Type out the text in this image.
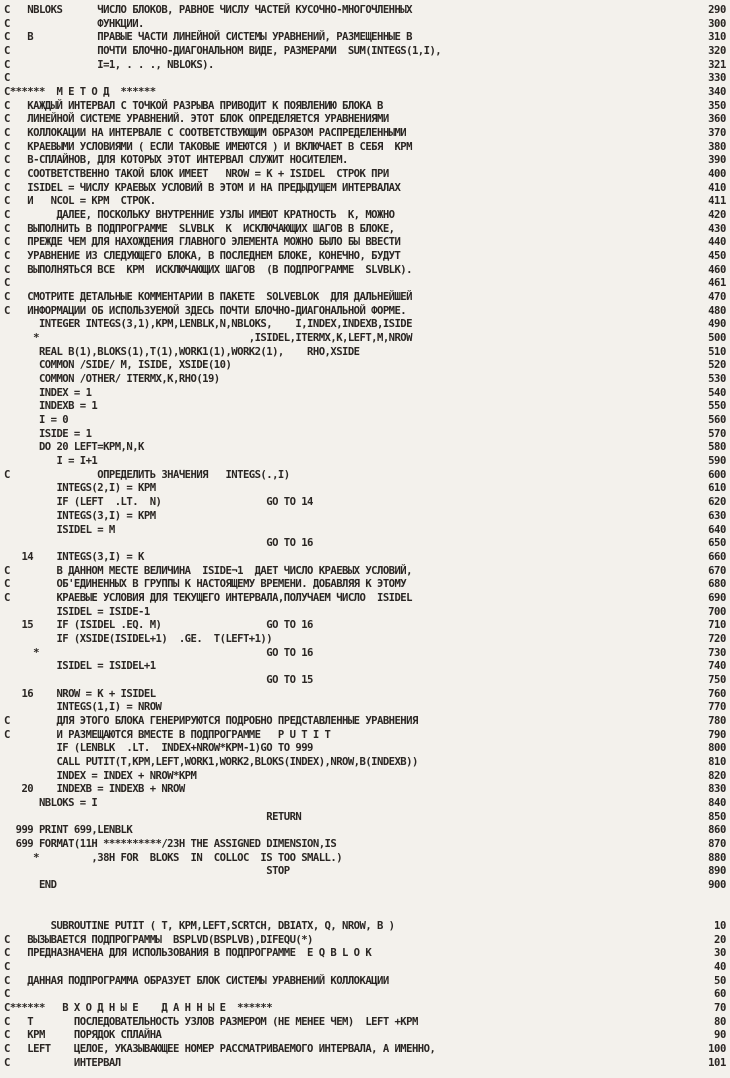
C   NBLOKS      ЧИСЛО БЛОКОВ, РАВНОЕ ЧИСЛУ ЧАСТЕЙ КУСОЧНО-МНОГОЧЛЕННЫХ	290
C               ФУНКЦИИ.	300
C   B           ПРАВЫЕ ЧАСТИ ЛИНЕЙНОЙ СИСТЕМЫ УРАВНЕНИЙ, РАЗМЕЩЕННЫЕ В	310
C               ПОЧТИ БЛОЧНО-ДИАГОНАЛЬНОМ ВИДЕ, РАЗМЕРАМИ  SUM(INTEGS(1,I),	320
C               I=1, . . ., NBLOKS).	321
C	330
C******  М Е Т О Д  ******	340
C   КАЖДЫЙ ИНТЕРВАЛ С ТОЧКОЙ РАЗРЫВА ПРИВОДИТ К ПОЯВЛЕНИЮ БЛОКА В	350
C   ЛИНЕЙНОЙ СИСТЕМЕ УРАВНЕНИЙ. ЭТОТ БЛОК ОПРЕДЕЛЯЕТСЯ УРАВНЕНИЯМИ	360
C   КОЛЛОКАЦИИ НА ИНТЕРВАЛЕ С СООТВЕТСТВУЮЩИМ ОБРАЗОМ РАСПРЕДЕЛЕННЫМИ	370
C   КРАЕВЫМИ УСЛОВИЯМИ ( ЕСЛИ ТАКОВЫЕ ИМЕЮТСЯ ) И ВКЛЮЧАЕТ В СЕБЯ  KPM	380
C   B-СПЛАЙНОВ, ДЛЯ КОТОРЫХ ЭТОТ ИНТЕРВАЛ СЛУЖИТ НОСИТЕЛЕМ.	390
C   СООТВЕТСТВЕННО ТАКОЙ БЛОК ИМЕЕТ   NROW = K + ISIDEL  СТРОК ПРИ	400
C   ISIDEL = ЧИСЛУ КРАЕВЫХ УСЛОВИЙ В ЭТОМ И НА ПРЕДЫДУЩЕМ ИНТЕРВАЛАХ	410
C   И   NCOL = KPM  СТРОК.	411
C        ДАЛЕЕ, ПОСКОЛЬКУ ВНУТРЕННИЕ УЗЛЫ ИМЕЮТ КРАТНОСТЬ  K, МОЖНО	420
C   ВЫПОЛНИТЬ В ПОДПРОГРАММЕ  SLVBLK  K  ИСКЛЮЧАЮЩИХ ШАГОВ В БЛОКЕ,	430
C   ПРЕЖДЕ ЧЕМ ДЛЯ НАХОЖДЕНИЯ ГЛАВНОГО ЭЛЕМЕНТА МОЖНО БЫЛО БЫ ВВЕСТИ	440
C   УРАВНЕНИЕ ИЗ СЛЕДУЮЩЕГО БЛОКА, В ПОСЛЕДНЕМ БЛОКЕ, КОНЕЧНО, БУДУТ	450
C   ВЫПОЛНЯТЬСЯ ВСЕ  KPM  ИСКЛЮЧАЮЩИХ ШАГОВ  (В ПОДПРОГРАММЕ  SLVBLK).	460
C	461
C   СМОТРИТЕ ДЕТАЛЬНЫЕ КОММЕНТАРИИ В ПАКЕТЕ  SOLVEBLOK  ДЛЯ ДАЛЬНЕЙШЕЙ	470
C   ИНФОРМАЦИИ ОБ ИСПОЛЬЗУЕМОЙ ЗДЕСЬ ПОЧТИ БЛОЧНО-ДИАГОНАЛЬНОЙ ФОРМЕ.	480
INTEGER INTEGS(3,1),KPM,LENBLK,N,NBLOKS,    I,INDEX,INDEXB,ISIDE	490
*                                    ,ISIDEL,ITERMX,K,LEFT,M,NROW	500
REAL B(1),BLOKS(1),T(1),WORK1(1),WORK2(1),    RHO,XSIDE	510
COMMON /SIDE/ M, ISIDE, XSIDE(10)	520
COMMON /OTHER/ ITERMX,K,RHO(19)	530
INDEX = 1	540
INDEXB = 1	550
I = 0	560
ISIDE = 1	570
DO 20 LEFT=KPM,N,K	580
I = I+1	590
C               ОПРЕДЕЛИТЬ ЗНАЧЕНИЯ   INTEGS(.,I)	600
INTEGS(2,I) = KPM	610
IF (LEFT  .LT.  N)                  GO TO 14	620
INTEGS(3,I) = KPM	630
ISIDEL = M	640
GO TO 16	650
14    INTEGS(3,I) = K	660
C        В ДАННОМ МЕСТЕ ВЕЛИЧИНА  ISIDE¬1  ДАЕТ ЧИСЛО КРАЕВЫХ УСЛОВИЙ,	670
C        ОБ'ЕДИНЕННЫХ В ГРУППЫ К НАСТОЯЩЕМУ ВРЕМЕНИ. ДОБАВЛЯЯ К ЭТОМУ	680
C        КРАЕВЫЕ УСЛОВИЯ ДЛЯ ТЕКУЩЕГО ИНТЕРВАЛА,ПОЛУЧАЕМ ЧИСЛО  ISIDEL	690
ISIDEL = ISIDE-1	700
15    IF (ISIDEL .EQ. M)                  GO TO 16	710
IF (XSIDE(ISIDEL+1)  .GE.  T(LEFT+1))	720
*                                       GO TO 16	730
ISIDEL = ISIDEL+1	740
GO TO 15	750
16    NROW = K + ISIDEL	760
INTEGS(1,I) = NROW	770
C        ДЛЯ ЭТОГО БЛОКА ГЕНЕРИРУЮТСЯ ПОДРОБНО ПРЕДСТАВЛЕННЫЕ УРАВНЕНИЯ	780
C        И РАЗМЕЩАЮТСЯ ВМЕСТЕ В ПОДПРОГРАММЕ   P U T I T	790
IF (LENBLK  .LT.  INDEX+NROW*KPM-1)GO TO 999	800
CALL PUTIT(T,KPM,LEFT,WORK1,WORK2,BLOKS(INDEX),NROW,B(INDEXB))	810
INDEX = INDEX + NROW*KPM	820
20    INDEXB = INDEXB + NROW	830
NBLOKS = I	840
RETURN	850
999 PRINT 699,LENBLK	860
699 FORMAT(11H **********/23H THE ASSIGNED DIMENSION,IS	870
*         ,38H FOR  BLOKS  IN  COLLOC  IS TOO SMALL.)	880
STOP	890
END	900
SUBROUTINE PUTIT ( T, KPM,LEFT,SCRTCH, DBIATX, Q, NROW, B )	10
C   ВЫЗЫВАЕТСЯ ПОДПРОГРАММЫ  BSPLVD(BSPLVB),DIFEQU(*)	20
C   ПРЕДНАЗНАЧЕНА ДЛЯ ИСПОЛЬЗОВАНИЯ В ПОДПРОГРАММЕ  E Q B L O K	30
C	40
C   ДАННАЯ ПОДПРОГРАММА ОБРАЗУЕТ БЛОК СИСТЕМЫ УРАВНЕНИЙ КОЛЛОКАЦИИ	50
C	60
C******   В Х О Д Н Ы Е    Д А Н Н Ы Е  ******	70
C   T       ПОСЛЕДОВАТЕЛЬНОСТЬ УЗЛОВ РАЗМЕРОМ (НЕ МЕНЕЕ ЧЕМ)  LEFT +KPM	80
C   KPM     ПОРЯДОК СПЛАЙНА	90
C   LEFT    ЦЕЛОЕ, УКАЗЫВАЮЩЕЕ НОМЕР РАССМАТРИВАЕМОГО ИНТЕРВАЛА, А ИМЕННО,	100
C           ИНТЕРВАЛ	101
